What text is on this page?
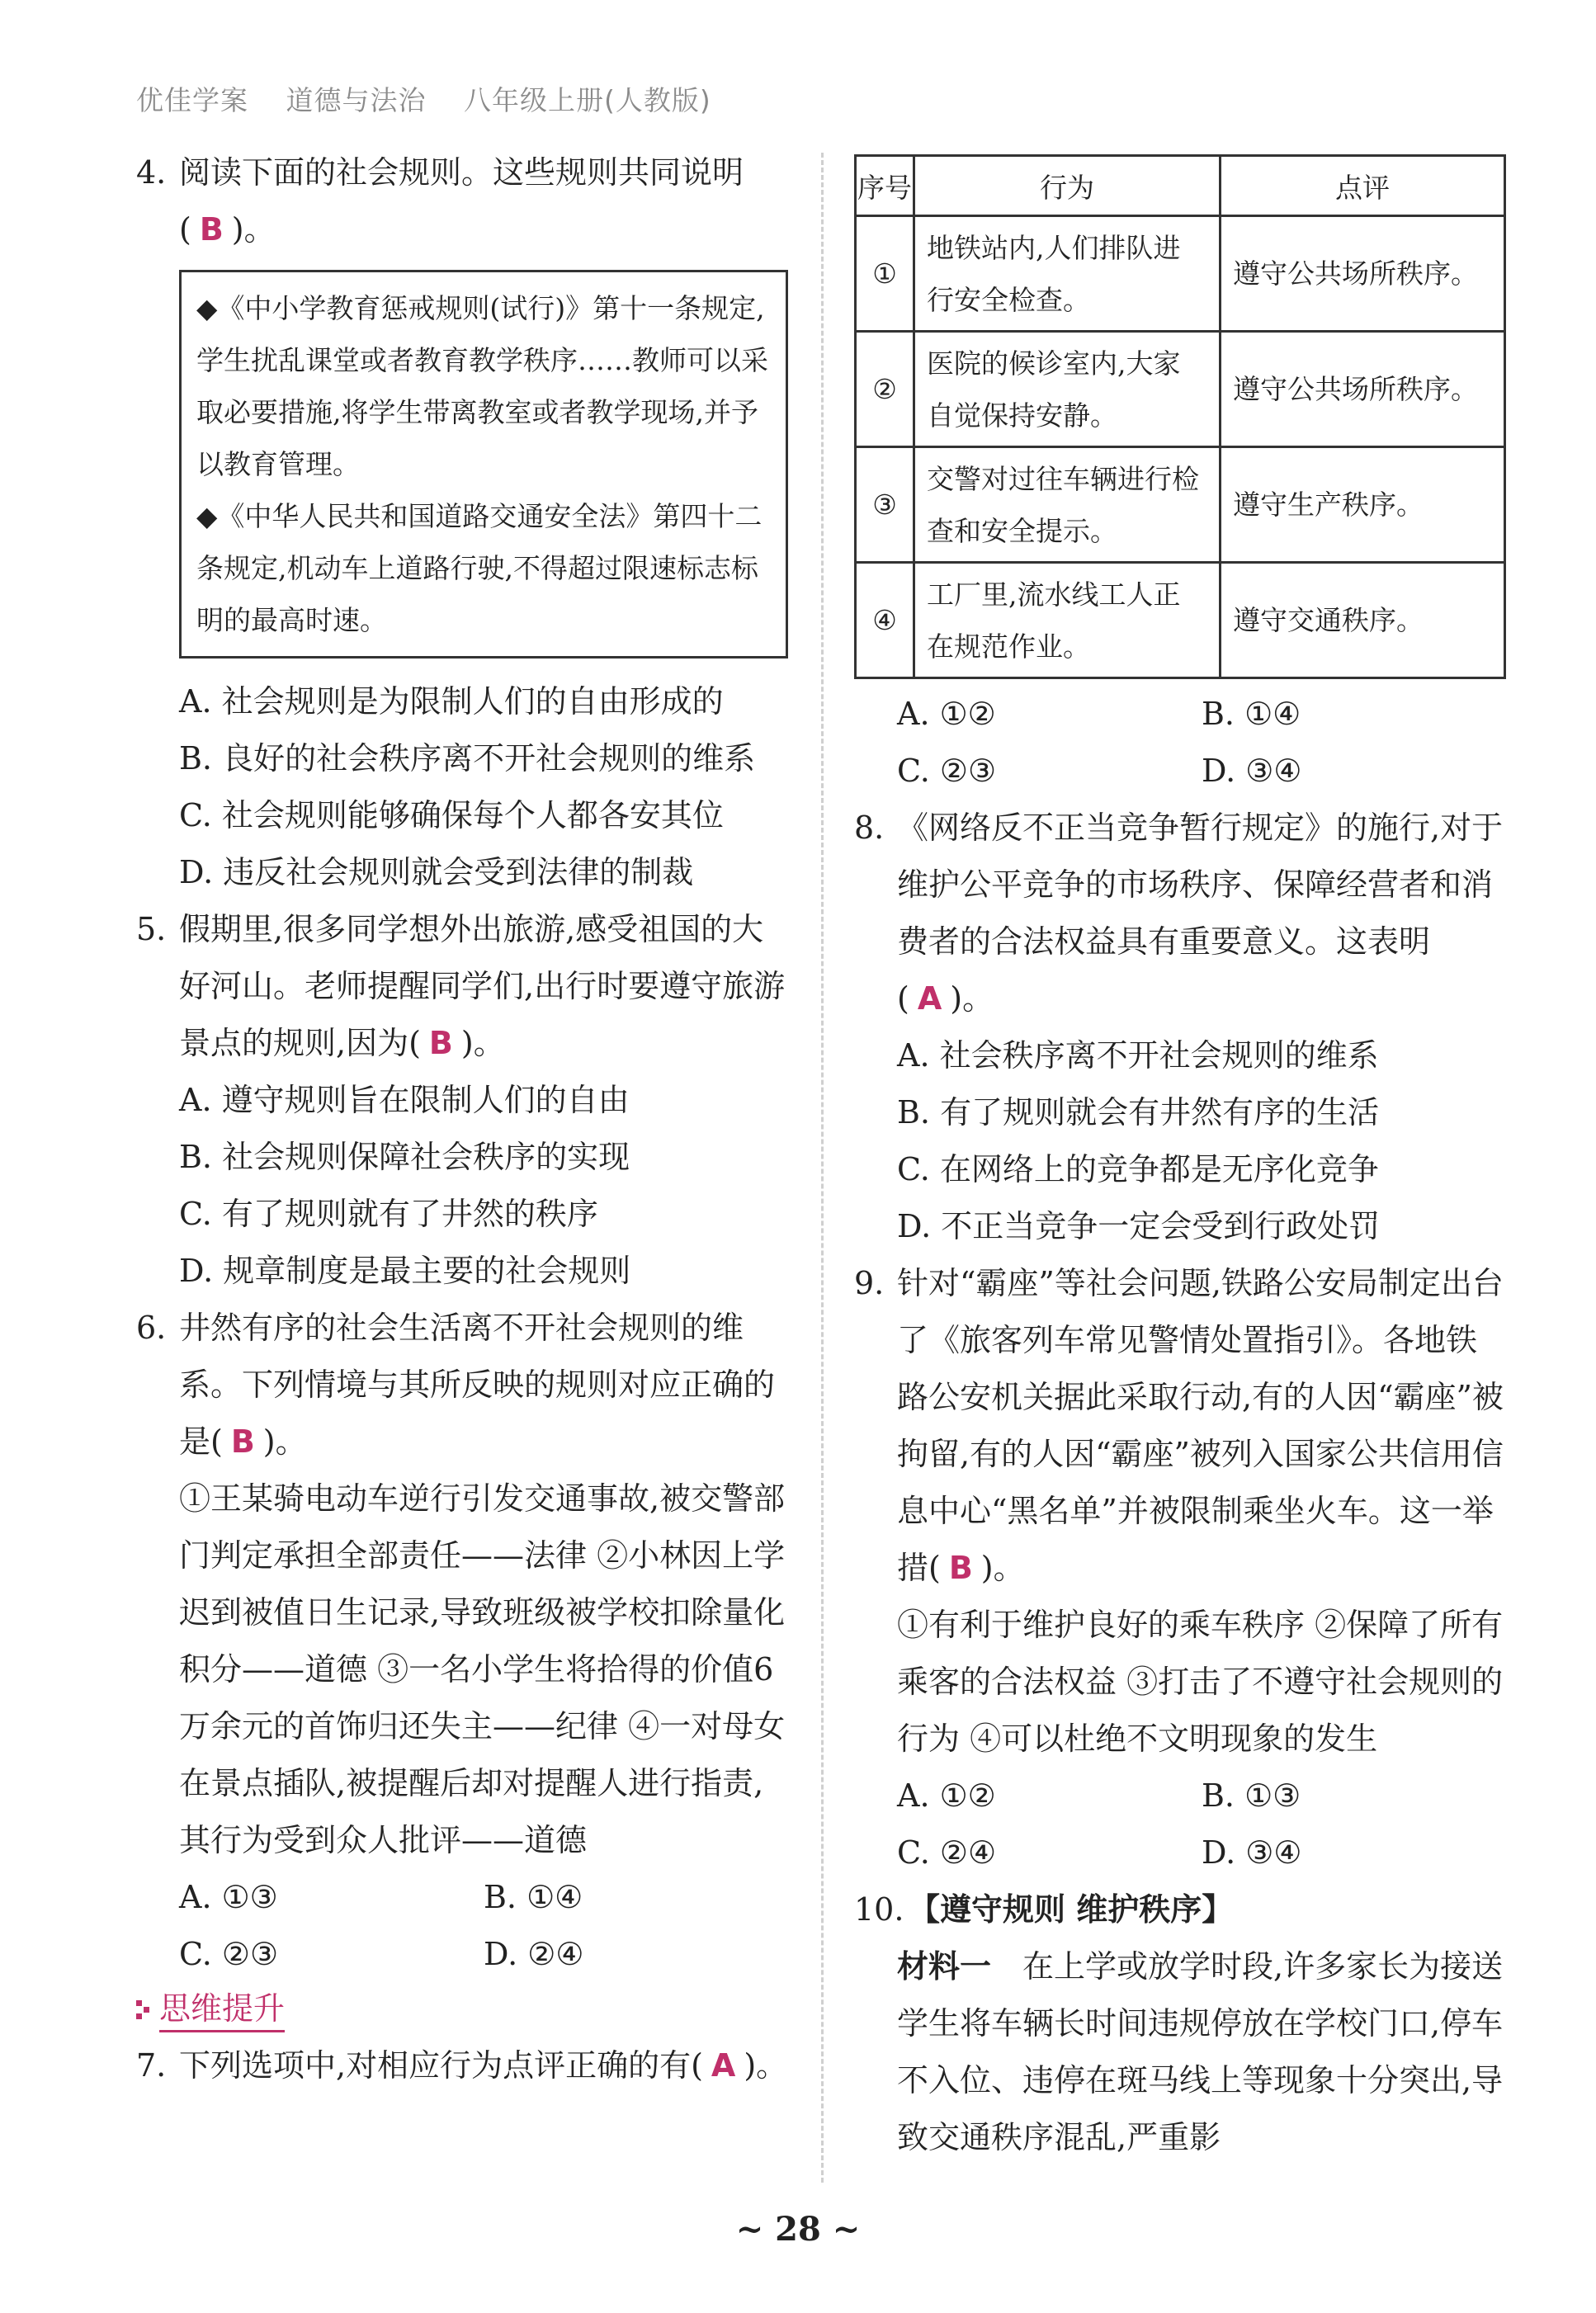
优佳学案 道德与法治 八年级上册(人教版)
4. 阅读下面的社会规则。这些规则共同说明( B )。
◆《中小学教育惩戒规则(试行)》第十一条规定,学生扰乱课堂或者教育教学秩序……教师可以采取必要措施,将学生带离教室或者教学现场,并予以教育管理。
◆《中华人民共和国道路交通安全法》第四十二条规定,机动车上道路行驶,不得超过限速标志标明的最高时速。
A. 社会规则是为限制人们的自由形成的
B. 良好的社会秩序离不开社会规则的维系
C. 社会规则能够确保每个人都各安其位
D. 违反社会规则就会受到法律的制裁
5. 假期里,很多同学想外出旅游,感受祖国的大好河山。老师提醒同学们,出行时要遵守旅游景点的规则,因为( B )。
A. 遵守规则旨在限制人们的自由
B. 社会规则保障社会秩序的实现
C. 有了规则就有了井然的秩序
D. 规章制度是最主要的社会规则
6. 井然有序的社会生活离不开社会规则的维系。下列情境与其所反映的规则对应正确的是( B )。
①王某骑电动车逆行引发交通事故,被交警部门判定承担全部责任——法律 ②小林因上学迟到被值日生记录,导致班级被学校扣除量化积分——道德 ③一名小学生将拾得的价值6万余元的首饰归还失主——纪律 ④一对母女在景点插队,被提醒后却对提醒人进行指责,其行为受到众人批评——道德
A. ①③	B. ①④
C. ②③	D. ②④
思维提升
7. 下列选项中,对相应行为点评正确的有( A )。
序号	行为	点评
①	地铁站内,人们排队进行安全检查。	遵守公共场所秩序。
②	医院的候诊室内,大家自觉保持安静。	遵守公共场所秩序。
③	交警对过往车辆进行检查和安全提示。	遵守生产秩序。
④	工厂里,流水线工人正在规范作业。	遵守交通秩序。
A. ①②	B. ①④
C. ②③	D. ③④
8. 《网络反不正当竞争暂行规定》的施行,对于维护公平竞争的市场秩序、保障经营者和消费者的合法权益具有重要意义。这表明( A )。
A. 社会秩序离不开社会规则的维系
B. 有了规则就会有井然有序的生活
C. 在网络上的竞争都是无序化竞争
D. 不正当竞争一定会受到行政处罚
9. 针对“霸座”等社会问题,铁路公安局制定出台了《旅客列车常见警情处置指引》。各地铁路公安机关据此采取行动,有的人因“霸座”被拘留,有的人因“霸座”被列入国家公共信用信息中心“黑名单”并被限制乘坐火车。这一举措( B )。
①有利于维护良好的乘车秩序 ②保障了所有乘客的合法权益 ③打击了不遵守社会规则的行为 ④可以杜绝不文明现象的发生
A. ①②	B. ①③
C. ②④	D. ③④
10. 【遵守规则 维护秩序】
材料一　 在上学或放学时段,许多家长为接送学生将车辆长时间违规停放在学校门口,停车不入位、违停在斑马线上等现象十分突出,导致交通秩序混乱,严重影
~ 28 ~
